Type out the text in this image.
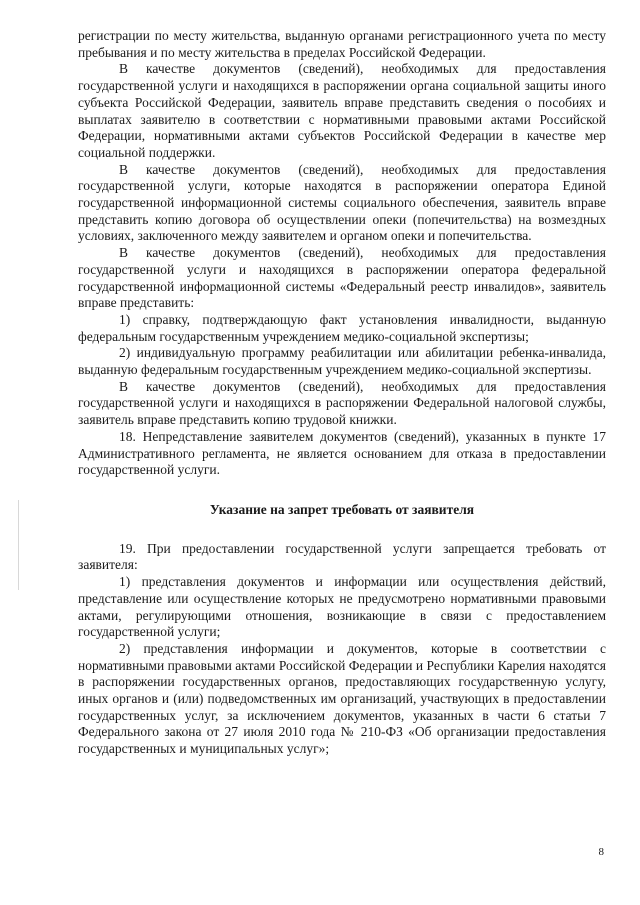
регистрации по месту жительства, выданную органами регистрационного учета по месту пребывания и по месту жительства в пределах Российской Федерации.

В качестве документов (сведений), необходимых для предоставления государственной услуги и находящихся в распоряжении органа социальной защиты иного субъекта Российской Федерации, заявитель вправе представить сведения о пособиях и выплатах заявителю в соответствии с нормативными правовыми актами Российской Федерации, нормативными актами субъектов Российской Федерации в качестве мер социальной поддержки.

В качестве документов (сведений), необходимых для предоставления государственной услуги, которые находятся в распоряжении оператора Единой государственной информационной системы социального обеспечения, заявитель вправе представить копию договора об осуществлении опеки (попечительства) на возмездных условиях, заключенного между заявителем и органом опеки и попечительства.

В качестве документов (сведений), необходимых для предоставления государственной услуги и находящихся в распоряжении оператора федеральной государственной информационной системы «Федеральный реестр инвалидов», заявитель вправе представить:

1) справку, подтверждающую факт установления инвалидности, выданную федеральным государственным учреждением медико-социальной экспертизы;

2) индивидуальную программу реабилитации или абилитации ребенка-инвалида, выданную федеральным государственным учреждением медико-социальной экспертизы.

В качестве документов (сведений), необходимых для предоставления государственной услуги и находящихся в распоряжении Федеральной налоговой службы, заявитель вправе представить копию трудовой книжки.

18. Непредставление заявителем документов (сведений), указанных в пункте 17 Административного регламента, не является основанием для отказа в предоставлении государственной услуги.

Указание на запрет требовать от заявителя

19. При предоставлении государственной услуги запрещается требовать от заявителя:

1) представления документов и информации или осуществления действий, представление или осуществление которых не предусмотрено нормативными правовыми актами, регулирующими отношения, возникающие в связи с предоставлением государственной услуги;

2) представления информации и документов, которые в соответствии с нормативными правовыми актами Российской Федерации и Республики Карелия находятся в распоряжении государственных органов, предоставляющих государственную услугу, иных органов и (или) подведомственных им организаций, участвующих в предоставлении государственных услуг, за исключением документов, указанных в части 6 статьи 7 Федерального закона от 27 июля 2010 года № 210-ФЗ «Об организации предоставления государственных и муниципальных услуг»;

8
